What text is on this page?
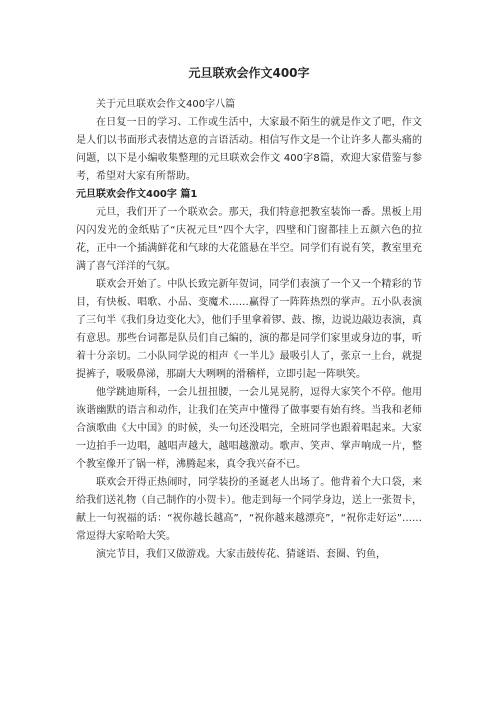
元旦联欢会作文400字

关于元旦联欢会作文400字八篇

在日复一日的学习、工作或生活中，大家最不陌生的就是作文了吧，作文是人们以书面形式表情达意的言语活动。相信写作文是一个让许多人都头痛的问题，以下是小编收集整理的元旦联欢会作文 400字8篇，欢迎大家借鉴与参考，希望对大家有所帮助。

元旦联欢会作文400字 篇1

元旦，我们开了一个联欢会。那天，我们特意把教室装饰一番。黑板上用闪闪发光的金纸贴了“庆祝元旦”四个大字，四壁和门窗都挂上五颜六色的拉花，正中一个插满鲜花和气球的大花篮悬在半空。同学们有说有笑，教室里充满了喜气洋洋的气氛。

联欢会开始了。中队长致完新年贺词，同学们表演了一个又一个精彩的节目，有快板、唱歌、小品、变魔术……赢得了一阵阵热烈的掌声。五小队表演了三句半《我们身边变化大》，他们手里拿着锣、鼓、擦，边说边敲边表演，真有意思。那些台词都是队员们自己编的，演的都是同学们家里或身边的事，听着十分亲切。二小队同学说的相声《一半儿》最吸引人了，张京一上台，就提提裤子，吸吸鼻涕，那副大大咧咧的滑稽样，立即引起一阵哄笑。

他学跳迪斯科，一会儿扭扭腰，一会儿晃晃胯，逗得大家笑个不停。他用诙谐幽默的语言和动作，让我们在笑声中懂得了做事要有始有终。当我和老师合演歌曲《大中国》的时候，头一句还没唱完，全班同学也跟着唱起来。大家一边拍手一边唱，越唱声越大，越唱越激动。歌声、笑声、掌声响成一片，整个教室像开了锅一样，沸腾起来，真令我兴奋不已。

联欢会开得正热闹时，同学装扮的圣诞老人出场了。他背着个大口袋，来给我们送礼物（自己制作的小贺卡）。他走到每一个同学身边，送上一张贺卡，献上一句祝福的话：“祝你越长越高”，“祝你越来越漂亮”，“祝你走好运”……常逗得大家哈哈大笑。

演完节目，我们又做游戏。大家击鼓传花、猜谜语、套圈、钓鱼，
